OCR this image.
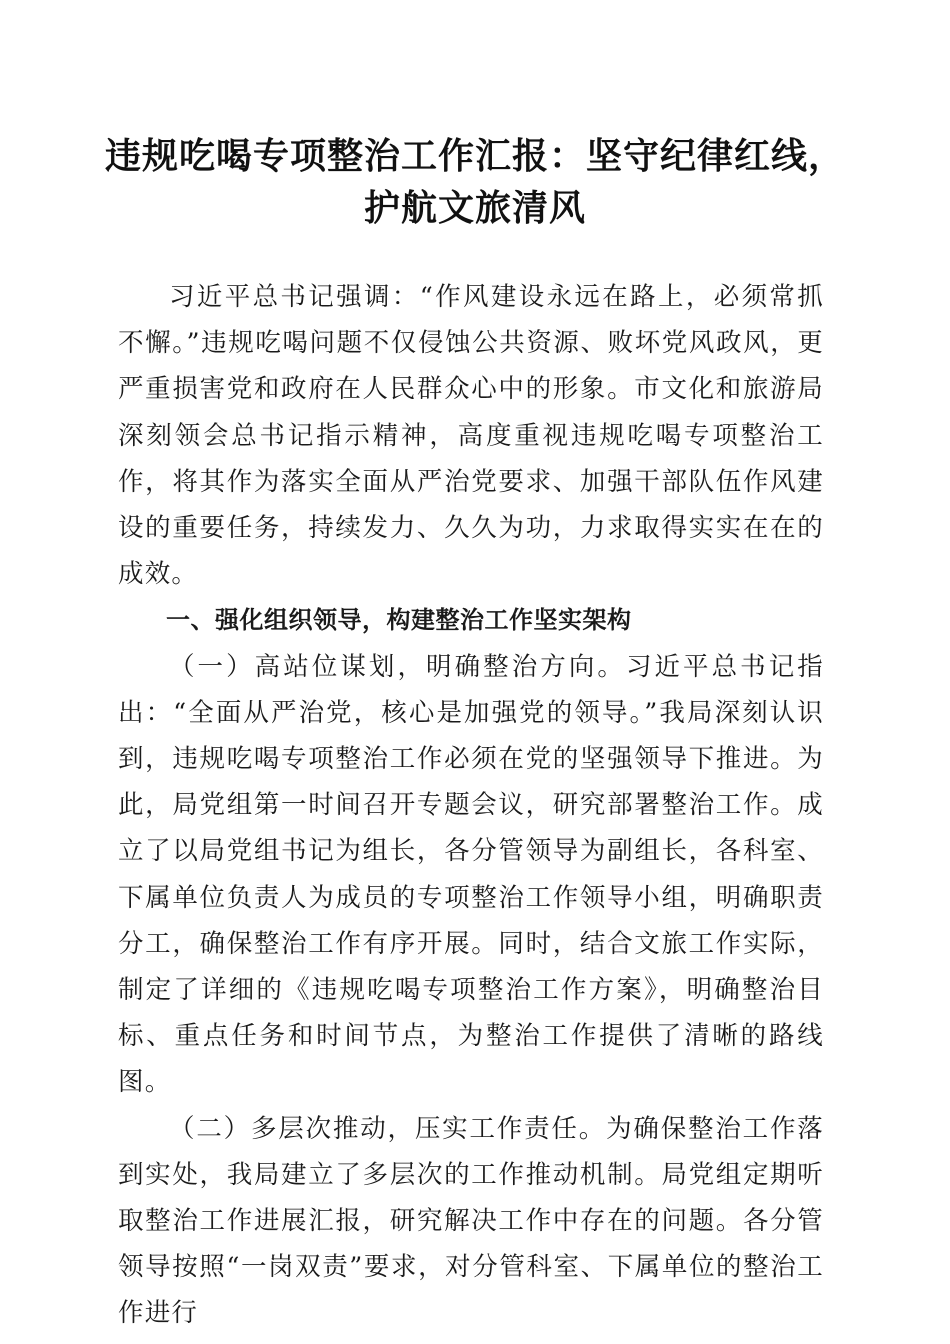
违规吃喝专项整治工作汇报：坚守纪律红线，
护航文旅清风

习近平总书记强调：“作风建设永远在路上，必须常抓不懈。”违规吃喝问题不仅侵蚀公共资源、败坏党风政风，更严重损害党和政府在人民群众心中的形象。市文化和旅游局深刻领会总书记指示精神，高度重视违规吃喝专项整治工作，将其作为落实全面从严治党要求、加强干部队伍作风建设的重要任务，持续发力、久久为功，力求取得实实在在的成效。

一、强化组织领导，构建整治工作坚实架构

（一）高站位谋划，明确整治方向。习近平总书记指出：“全面从严治党，核心是加强党的领导。”我局深刻认识到，违规吃喝专项整治工作必须在党的坚强领导下推进。为此，局党组第一时间召开专题会议，研究部署整治工作。成立了以局党组书记为组长，各分管领导为副组长，各科室、下属单位负责人为成员的专项整治工作领导小组，明确职责分工，确保整治工作有序开展。同时，结合文旅工作实际，制定了详细的《违规吃喝专项整治工作方案》，明确整治目标、重点任务和时间节点，为整治工作提供了清晰的路线图。

（二）多层次推动，压实工作责任。为确保整治工作落到实处，我局建立了多层次的工作推动机制。局党组定期听取整治工作进展汇报，研究解决工作中存在的问题。各分管领导按照“一岗双责”要求，对分管科室、下属单位的整治工作进行
